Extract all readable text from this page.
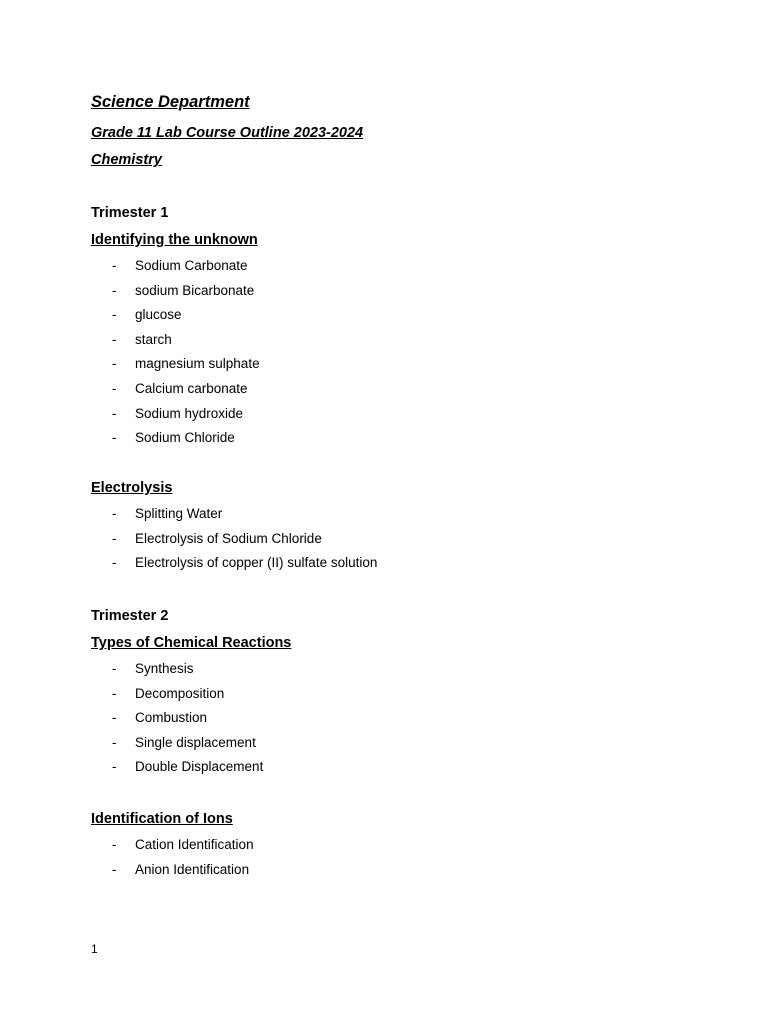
Science Department
Grade 11 Lab Course Outline 2023-2024
Chemistry
Trimester 1
Identifying the unknown
- Sodium Carbonate
- sodium Bicarbonate
- glucose
- starch
- magnesium sulphate
- Calcium carbonate
- Sodium hydroxide
- Sodium Chloride
Electrolysis
- Splitting Water
- Electrolysis of Sodium Chloride
- Electrolysis of copper (II) sulfate solution
Trimester 2
Types of Chemical Reactions
- Synthesis
- Decomposition
- Combustion
- Single displacement
- Double Displacement
Identification of Ions
- Cation Identification
- Anion Identification
1
